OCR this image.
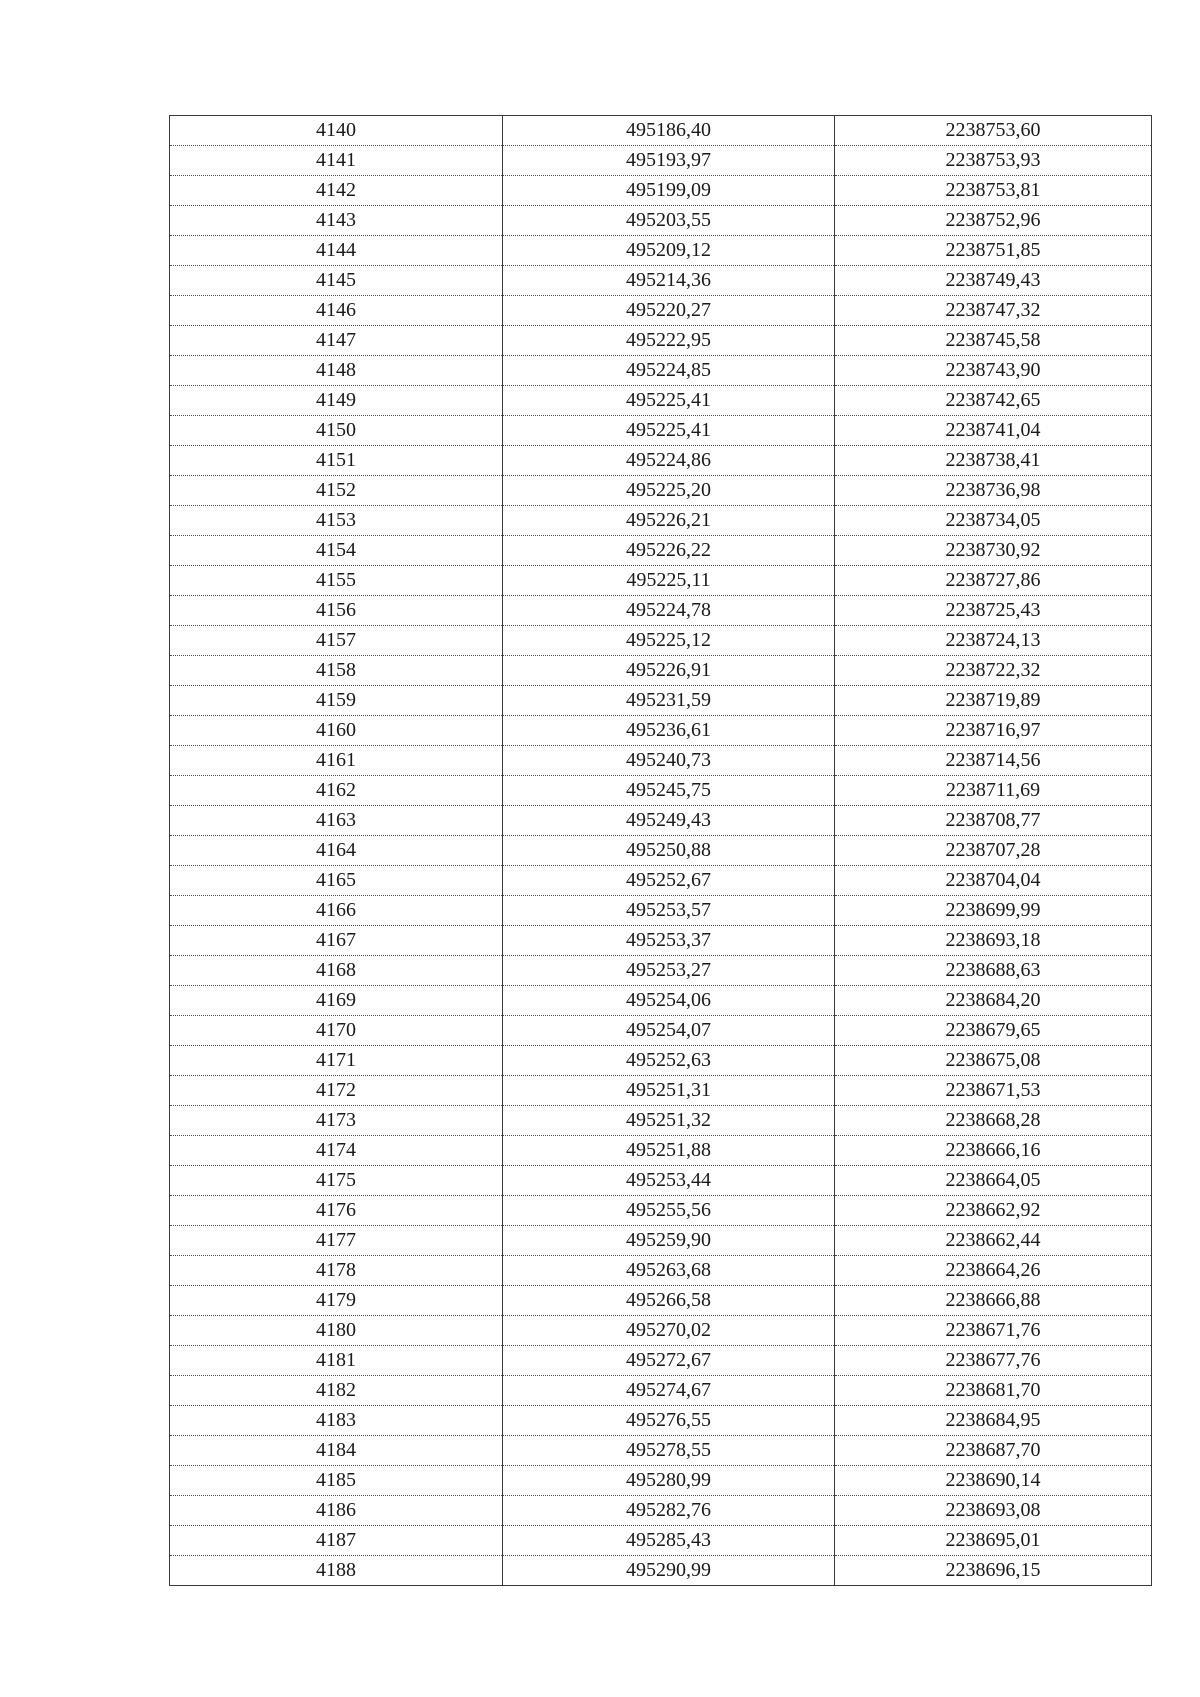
4140	495186,40	2238753,60
4141	495193,97	2238753,93
4142	495199,09	2238753,81
4143	495203,55	2238752,96
4144	495209,12	2238751,85
4145	495214,36	2238749,43
4146	495220,27	2238747,32
4147	495222,95	2238745,58
4148	495224,85	2238743,90
4149	495225,41	2238742,65
4150	495225,41	2238741,04
4151	495224,86	2238738,41
4152	495225,20	2238736,98
4153	495226,21	2238734,05
4154	495226,22	2238730,92
4155	495225,11	2238727,86
4156	495224,78	2238725,43
4157	495225,12	2238724,13
4158	495226,91	2238722,32
4159	495231,59	2238719,89
4160	495236,61	2238716,97
4161	495240,73	2238714,56
4162	495245,75	2238711,69
4163	495249,43	2238708,77
4164	495250,88	2238707,28
4165	495252,67	2238704,04
4166	495253,57	2238699,99
4167	495253,37	2238693,18
4168	495253,27	2238688,63
4169	495254,06	2238684,20
4170	495254,07	2238679,65
4171	495252,63	2238675,08
4172	495251,31	2238671,53
4173	495251,32	2238668,28
4174	495251,88	2238666,16
4175	495253,44	2238664,05
4176	495255,56	2238662,92
4177	495259,90	2238662,44
4178	495263,68	2238664,26
4179	495266,58	2238666,88
4180	495270,02	2238671,76
4181	495272,67	2238677,76
4182	495274,67	2238681,70
4183	495276,55	2238684,95
4184	495278,55	2238687,70
4185	495280,99	2238690,14
4186	495282,76	2238693,08
4187	495285,43	2238695,01
4188	495290,99	2238696,15
